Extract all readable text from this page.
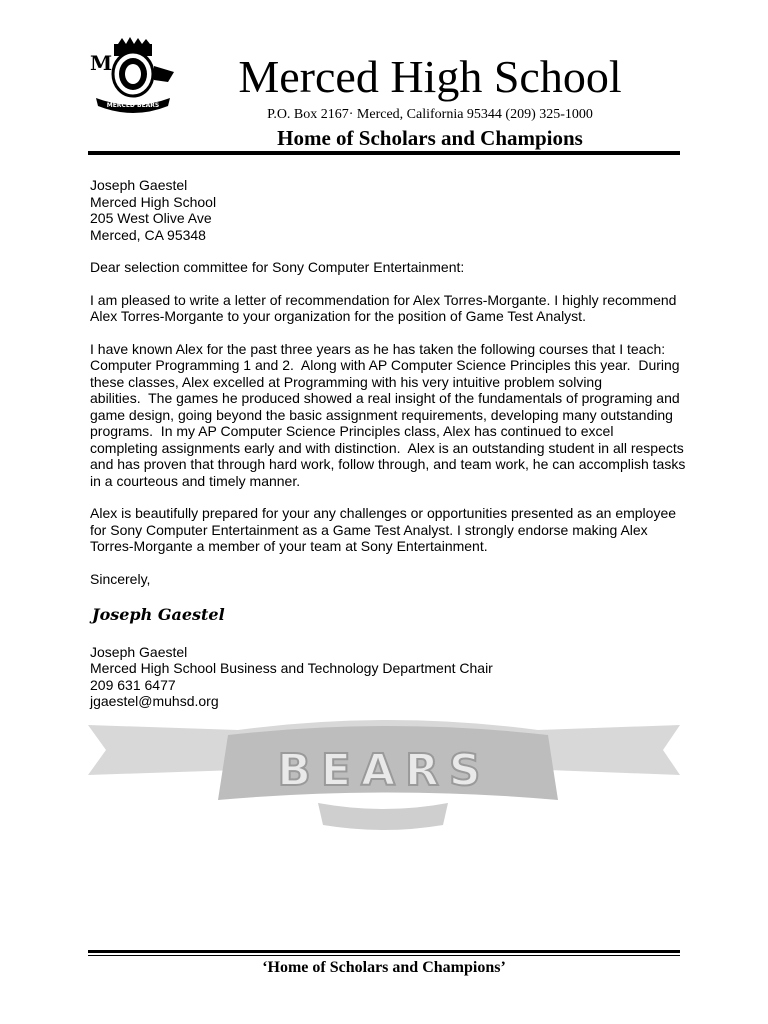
M
MERCED BEARS
Merced High School
P.O. Box 2167· Merced, California 95344 (209) 325-1000
Home of Scholars and Champions
BEARS

Joseph Gaestel
Merced High School
205 West Olive Ave
Merced, CA 95348

Dear selection committee for Sony Computer Entertainment:

I am pleased to write a letter of recommendation for Alex Torres-Morgante. I highly recommend
Alex Torres-Morgante to your organization for the position of Game Test Analyst.

I have known Alex for the past three years as he has taken the following courses that I teach:
Computer Programming 1 and 2.  Along with AP Computer Science Principles this year.  During
these classes, Alex excelled at Programming with his very intuitive problem solving
abilities.  The games he produced showed a real insight of the fundamentals of programing and
game design, going beyond the basic assignment requirements, developing many outstanding
programs.  In my AP Computer Science Principles class, Alex has continued to excel
completing assignments early and with distinction.  Alex is an outstanding student in all respects
and has proven that through hard work, follow through, and team work, he can accomplish tasks
in a courteous and timely manner.

Alex is beautifully prepared for your any challenges or opportunities presented as an employee
for Sony Computer Entertainment as a Game Test Analyst. I strongly endorse making Alex
Torres-Morgante a member of your team at Sony Entertainment.

Sincerely,

Joseph Gaestel

Joseph Gaestel
Merced High School Business and Technology Department Chair
209 631 6477
jgaestel@muhsd.org

‘Home of Scholars and Champions’
